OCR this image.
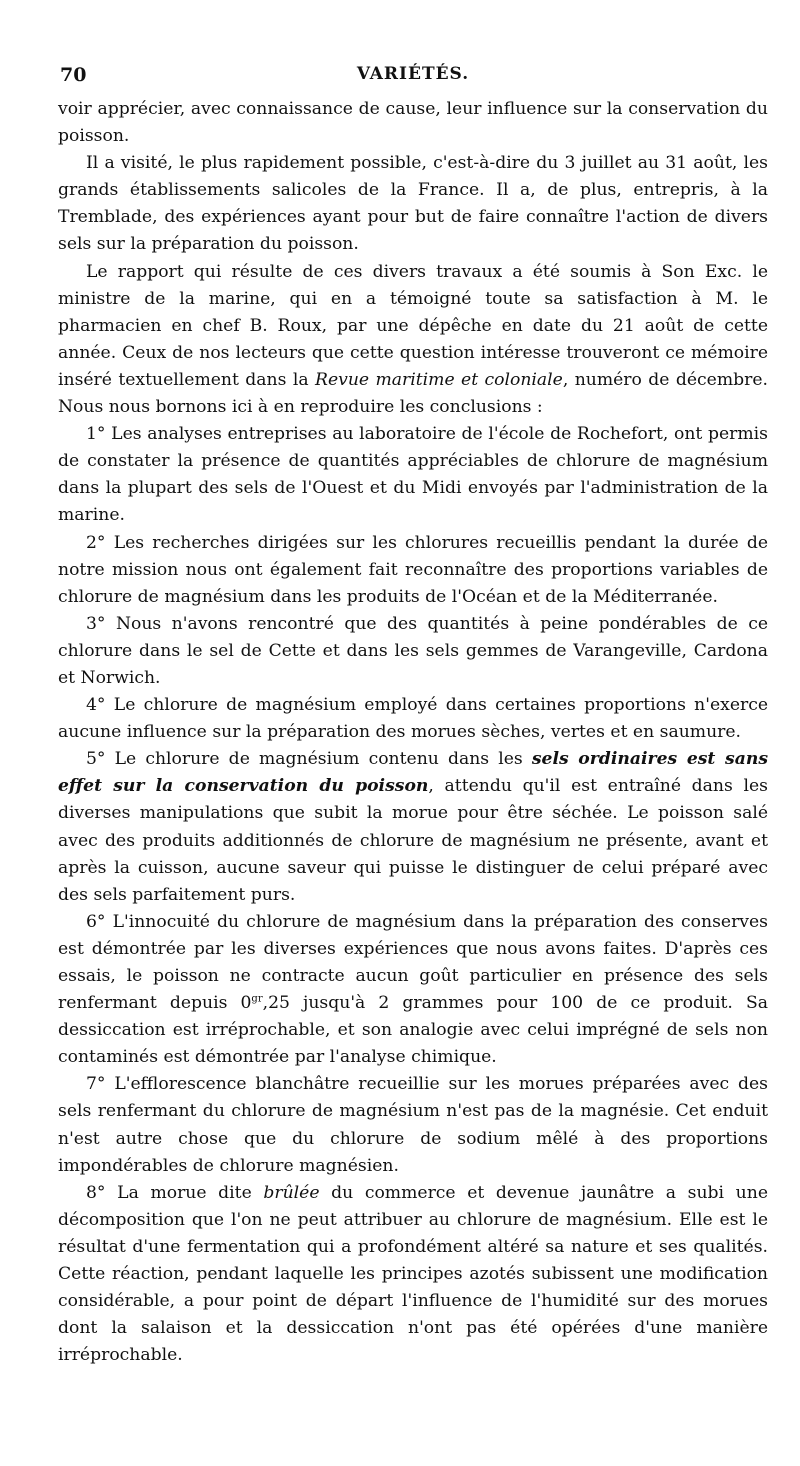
70	VARIÉTÉS.

voir apprécier, avec connaissance de cause, leur influence sur la conservation du poisson.

Il a visité, le plus rapidement possible, c'est-à-dire du 3 juillet au 31 août, les grands établissements salicoles de la France. Il a, de plus, entrepris, à la Tremblade, des expériences ayant pour but de faire connaître l'action de divers sels sur la préparation du poisson.

Le rapport qui résulte de ces divers travaux a été soumis à Son Exc. le ministre de la marine, qui en a témoigné toute sa satisfaction à M. le pharmacien en chef B. Roux, par une dépêche en date du 21 août de cette année. Ceux de nos lecteurs que cette question intéresse trouveront ce mémoire inséré textuellement dans la Revue maritime et coloniale, numéro de décembre. Nous nous bornons ici à en reproduire les conclusions :

1° Les analyses entreprises au laboratoire de l'école de Rochefort, ont permis de constater la présence de quantités appréciables de chlorure de magnésium dans la plupart des sels de l'Ouest et du Midi envoyés par l'administration de la marine.

2° Les recherches dirigées sur les chlorures recueillis pendant la durée de notre mission nous ont également fait reconnaître des proportions variables de chlorure de magnésium dans les produits de l'Océan et de la Méditerranée.

3° Nous n'avons rencontré que des quantités à peine pondérables de ce chlorure dans le sel de Cette et dans les sels gemmes de Varangeville, Cardona et Norwich.

4° Le chlorure de magnésium employé dans certaines proportions n'exerce aucune influence sur la préparation des morues sèches, vertes et en saumure.

5° Le chlorure de magnésium contenu dans les sels ordinaires est sans effet sur la conservation du poisson, attendu qu'il est entraîné dans les diverses manipulations que subit la morue pour être séchée. Le poisson salé avec des produits additionnés de chlorure de magnésium ne présente, avant et après la cuisson, aucune saveur qui puisse le distinguer de celui préparé avec des sels parfaitement purs.

6° L'innocuité du chlorure de magnésium dans la préparation des conserves est démontrée par les diverses expériences que nous avons faites. D'après ces essais, le poisson ne contracte aucun goût particulier en présence des sels renfermant depuis $0^{gr},25$ jusqu'à 2 grammes pour 100 de ce produit. Sa dessiccation est irréprochable, et son analogie avec celui imprégné de sels non contaminés est démontrée par l'analyse chimique.

7° L'efflorescence blanchâtre recueillie sur les morues préparées avec des sels renfermant du chlorure de magnésium n'est pas de la magnésie. Cet enduit n'est autre chose que du chlorure de sodium mêlé à des proportions impondérables de chlorure magnésien.

8° La morue dite brûlée du commerce et devenue jaunâtre a subi une décomposition que l'on ne peut attribuer au chlorure de magnésium. Elle est le résultat d'une fermentation qui a profondément altéré sa nature et ses qualités. Cette réaction, pendant laquelle les principes azotés subissent une modification considérable, a pour point de départ l'influence de l'humidité sur des morues dont la salaison et la dessiccation n'ont pas été opérées d'une manière irréprochable.
